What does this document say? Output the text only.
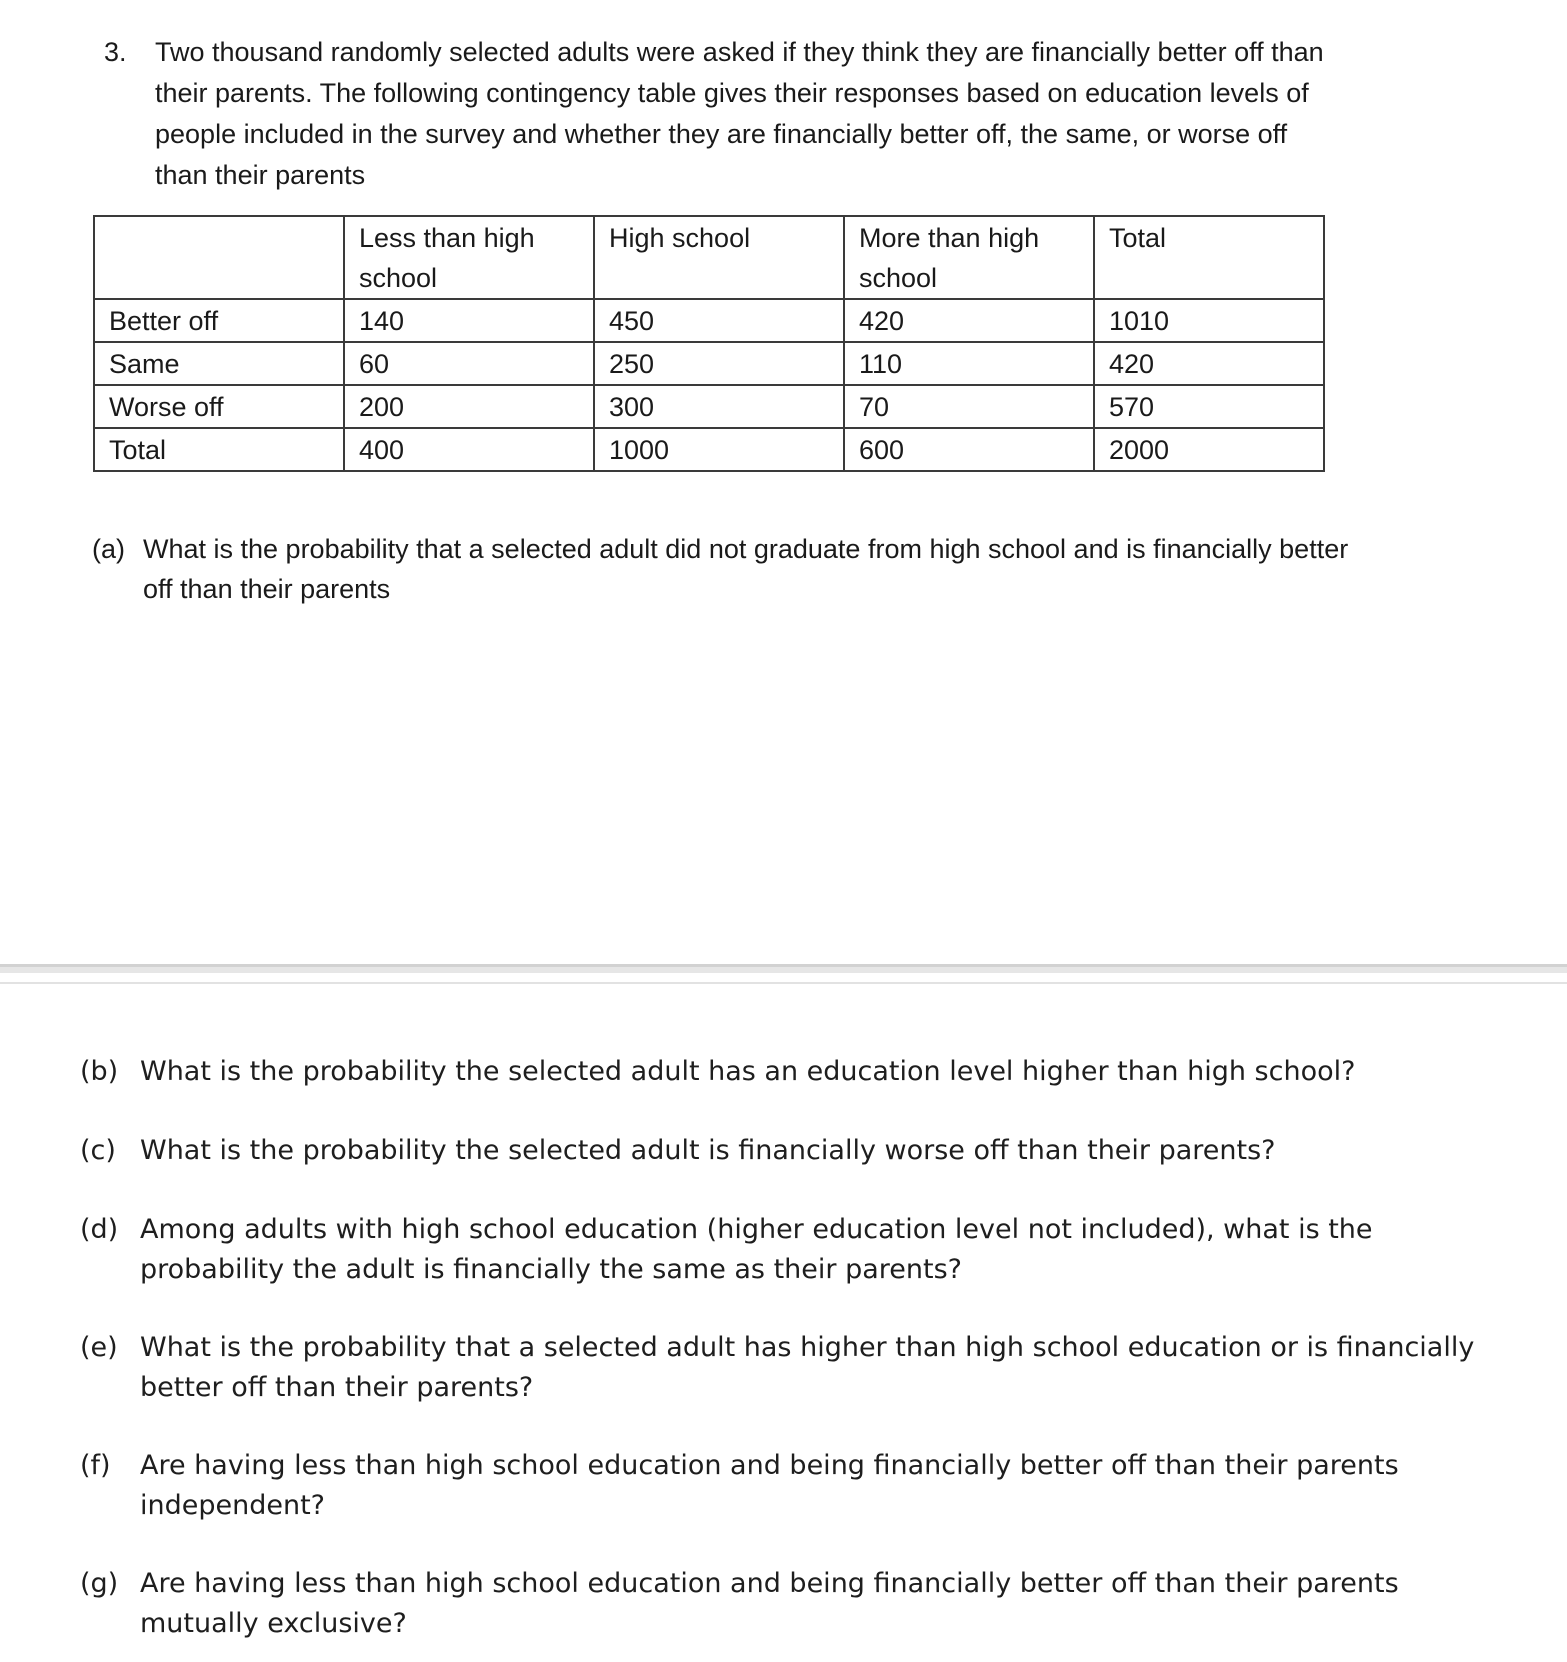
3. Two thousand randomly selected adults were asked if they think they are financially better off than their parents. The following contingency table gives their responses based on education levels of people included in the survey and whether they are financially better off, the same, or worse off than their parents
	Less than high school	High school	More than high school	Total
Better off	140	450	420	1010
Same	60	250	110	420
Worse off	200	300	70	570
Total	400	1000	600	2000
(a) What is the probability that a selected adult did not graduate from high school and is financially better off than their parents
(b) What is the probability the selected adult has an education level higher than high school?
(c) What is the probability the selected adult is financially worse off than their parents?
(d) Among adults with high school education (higher education level not included), what is the probability the adult is financially the same as their parents?
(e) What is the probability that a selected adult has higher than high school education or is financially better off than their parents?
(f) Are having less than high school education and being financially better off than their parents independent?
(g) Are having less than high school education and being financially better off than their parents mutually exclusive?
